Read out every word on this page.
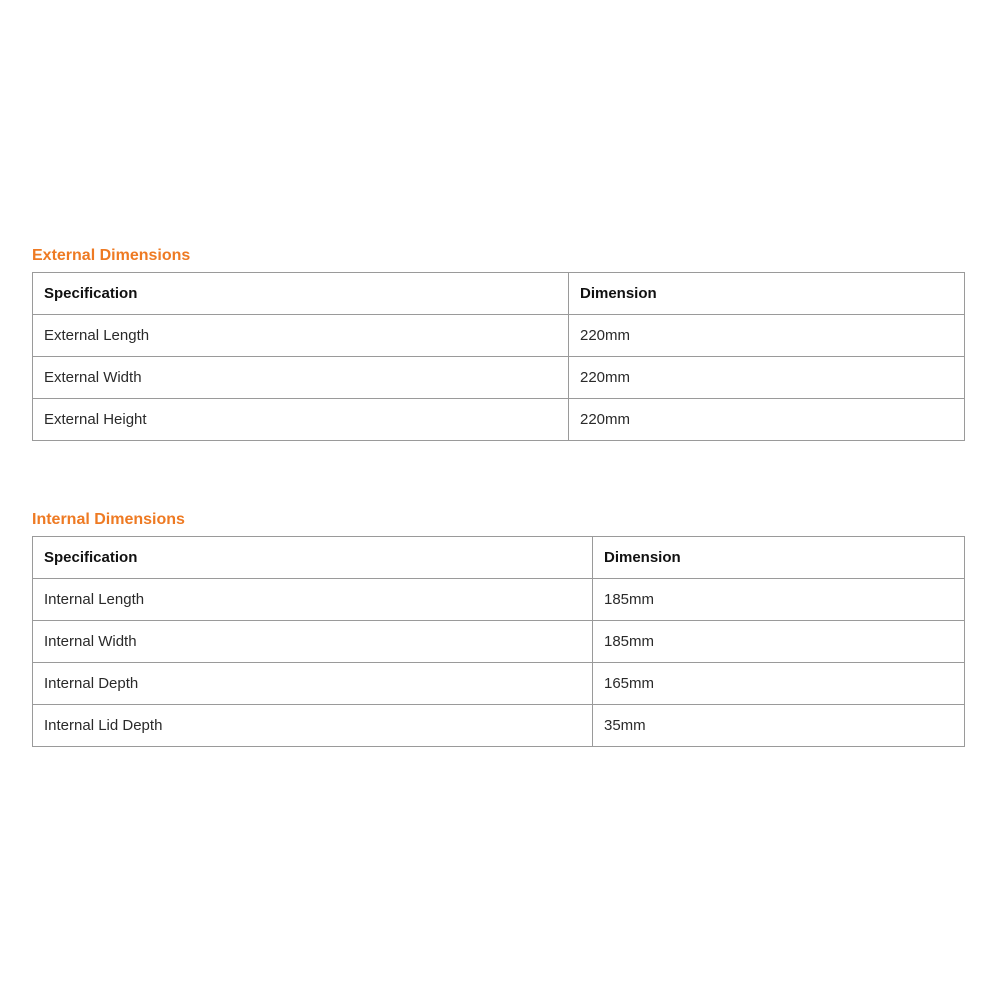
External Dimensions
Specification	Dimension
External Length	220mm
External Width	220mm
External Height	220mm
Internal Dimensions
Specification	Dimension
Internal Length	185mm
Internal Width	185mm
Internal Depth	165mm
Internal Lid Depth	35mm
